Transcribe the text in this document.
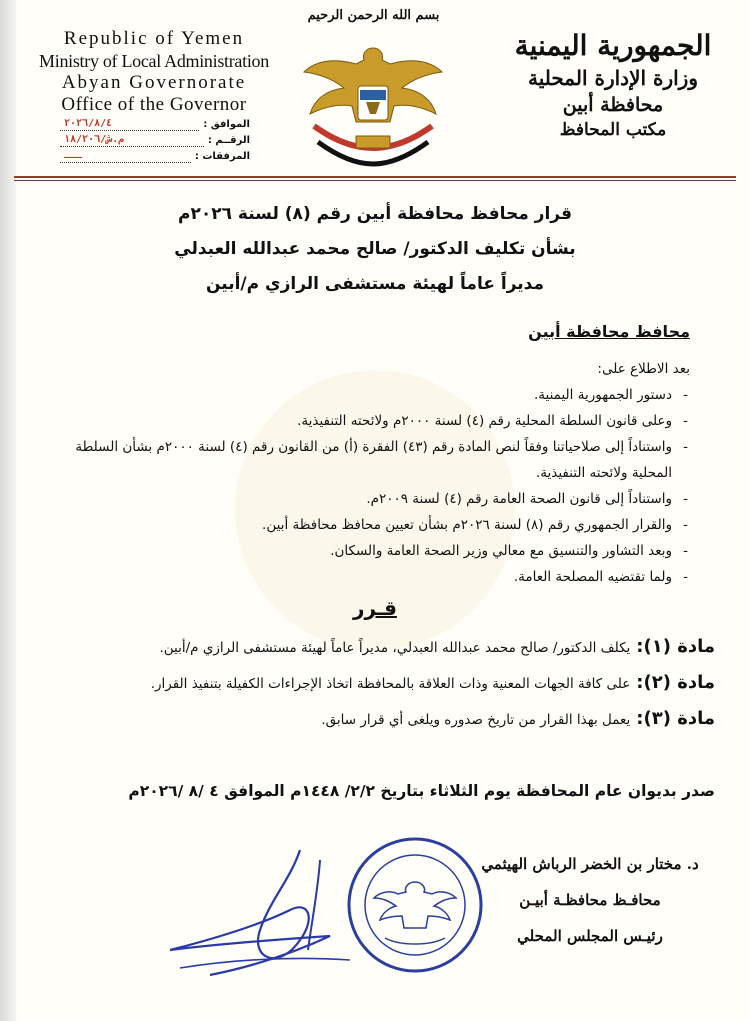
Republic of Yemen
Ministry of Local Administration
Abyan Governorate
Office of the Governor
الموافق :
٢٠٢٦/٨/٤
الرقــم :
م.ش/١٨/٢٠٦
المرفقات :
ـــ
بسم الله الرحمن الرحيم
الجمهورية اليمنية
وزارة الإدارة المحلية
محافظة أبين
مكتب المحافظ
قرار محافظ محافظة أبين رقم (٨) لسنة ٢٠٢٦م
بشأن تكليف الدكتور/ صالح محمد عبدالله العبدلي
مديراً عاماً لهيئة مستشفى الرازي م/أبين
محافظ محافظة أبين
بعد الاطلاع على:
- دستور الجمهورية اليمنية.
- وعلى قانون السلطة المحلية رقم (٤) لسنة ٢٠٠٠م ولائحته التنفيذية.
- واستناداً إلى صلاحياتنا وفقاً لنص المادة رقم (٤٣) الفقرة (أ) من القانون رقم (٤) لسنة ٢٠٠٠م بشأن السلطة المحلية ولائحته التنفيذية.
- واستناداً إلى قانون الصحة العامة رقم (٤) لسنة ٢٠٠٩م.
- والقرار الجمهوري رقم (٨) لسنة ٢٠٢٦م بشأن تعيين محافظ محافظة أبين.
- وبعد التشاور والتنسيق مع معالي وزير الصحة العامة والسكان.
- ولما تقتضيه المصلحة العامة.
قـرر
مادة (١):
يكلف الدكتور/ صالح محمد عبدالله العبدلي، مديراً عاماً لهيئة مستشفى الرازي م/أبين.
مادة (٢):
على كافة الجهات المعنية وذات العلاقة بالمحافظة اتخاذ الإجراءات الكفيلة بتنفيذ القرار.
مادة (٣):
يعمل بهذا القرار من تاريخ صدوره ويلغى أي قرار سابق.
صدر بديوان عام المحافظة يوم الثلاثاء بتاريخ ٢/٢/ ١٤٤٨م الموافق ٤ /٨ /٢٠٢٦م
د. مختار بن الخضر الرباش الهيثمي
محافـظ محافظـة أبيـن
رئيـس المجلس المحلي
